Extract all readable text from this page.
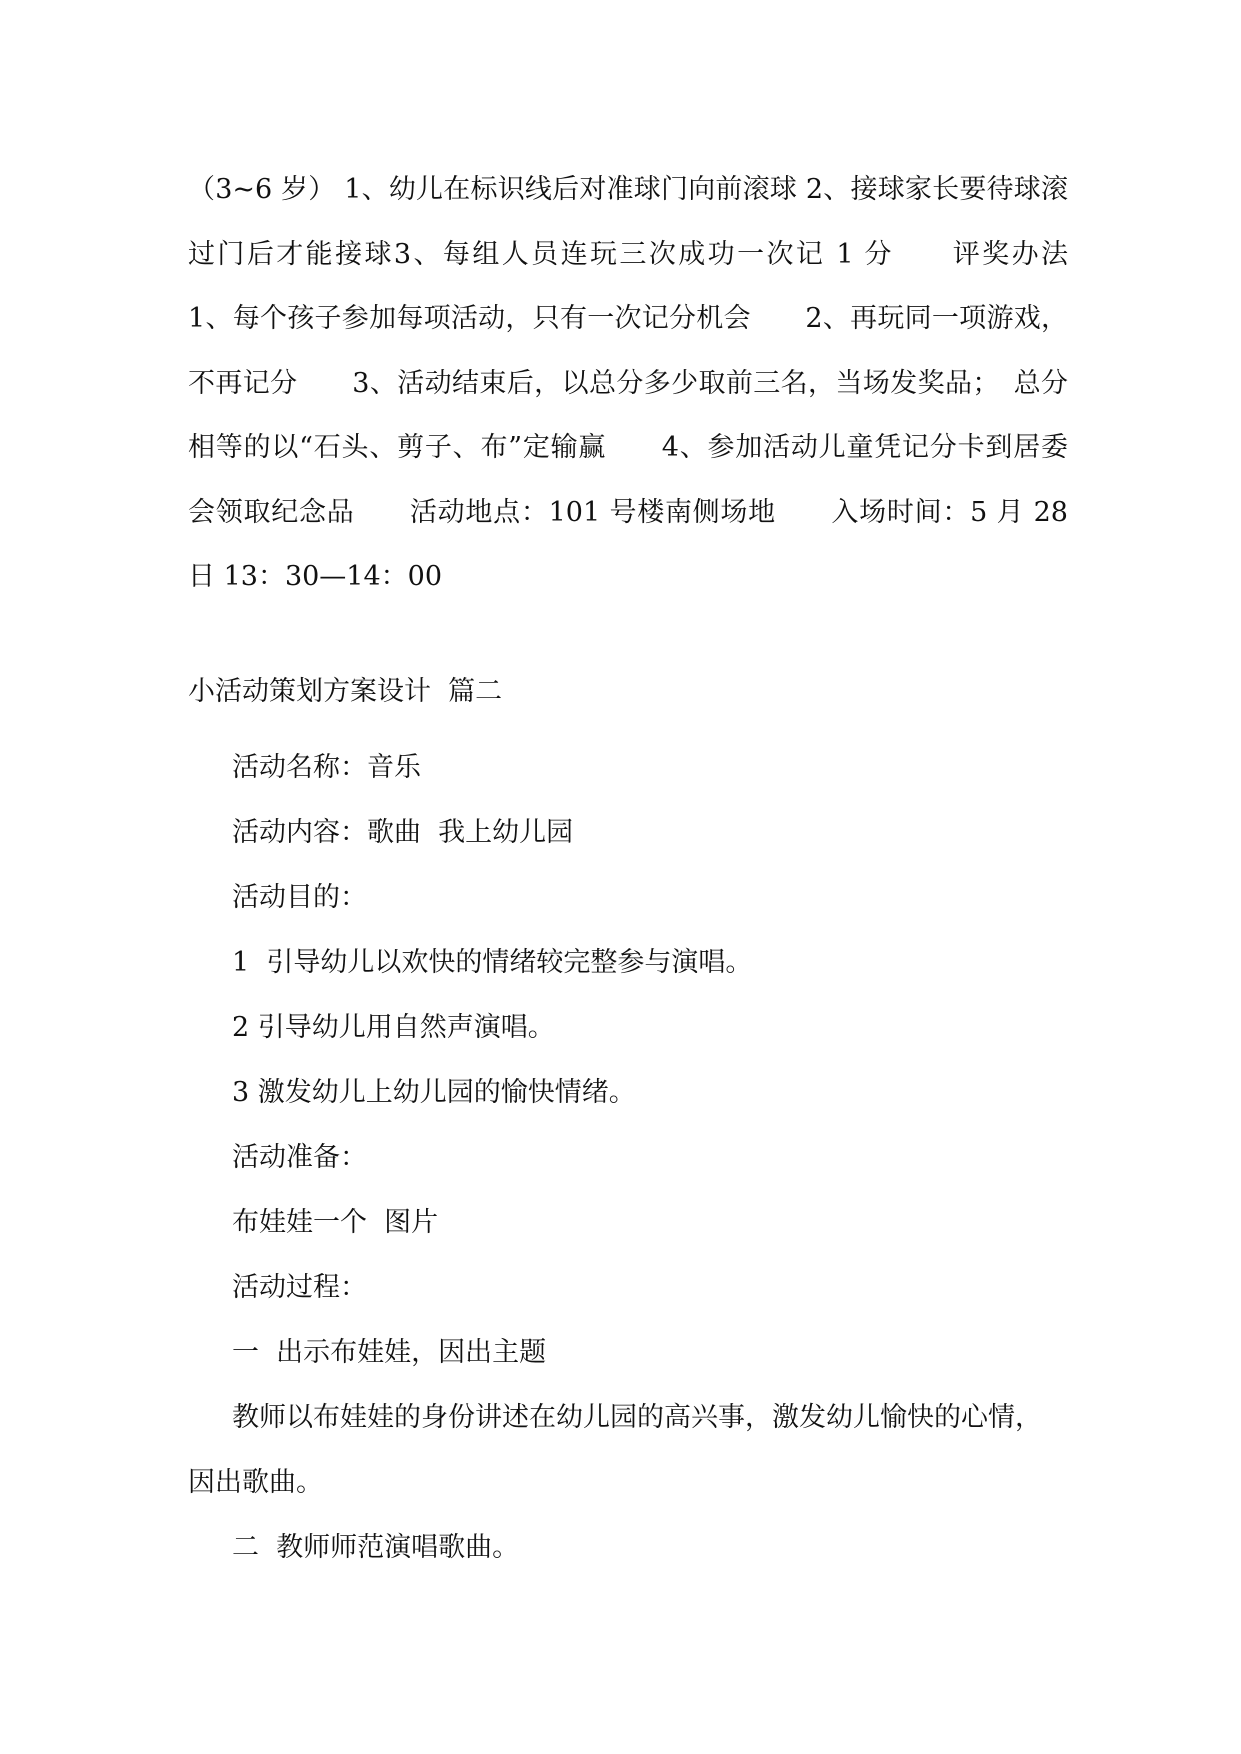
（3~6 岁） 1、幼儿在标识线后对准球门向前滚球 2、接球家长要待球滚过门后才能接球3、每组人员连玩三次成功一次记 1 分　　评奖办法　　1、每个孩子参加每项活动，只有一次记分机会　　2、再玩同一项游戏，不再记分　　3、活动结束后，以总分多少取前三名，当场发奖品；　总分相等的以“石头、剪子、布”定输赢　　4、参加活动儿童凭记分卡到居委会领取纪念品　　活动地点：101 号楼南侧场地　　入场时间：5 月 28 日 13：30—14：00
小活动策划方案设计  篇二
活动名称：音乐
活动内容：歌曲  我上幼儿园
活动目的：
1  引导幼儿以欢快的情绪较完整参与演唱。
2 引导幼儿用自然声演唱。
3 激发幼儿上幼儿园的愉快情绪。
活动准备：
布娃娃一个  图片
活动过程：
一  出示布娃娃，因出主题
教师以布娃娃的身份讲述在幼儿园的高兴事，激发幼儿愉快的心情，因出歌曲。
二  教师师范演唱歌曲。
